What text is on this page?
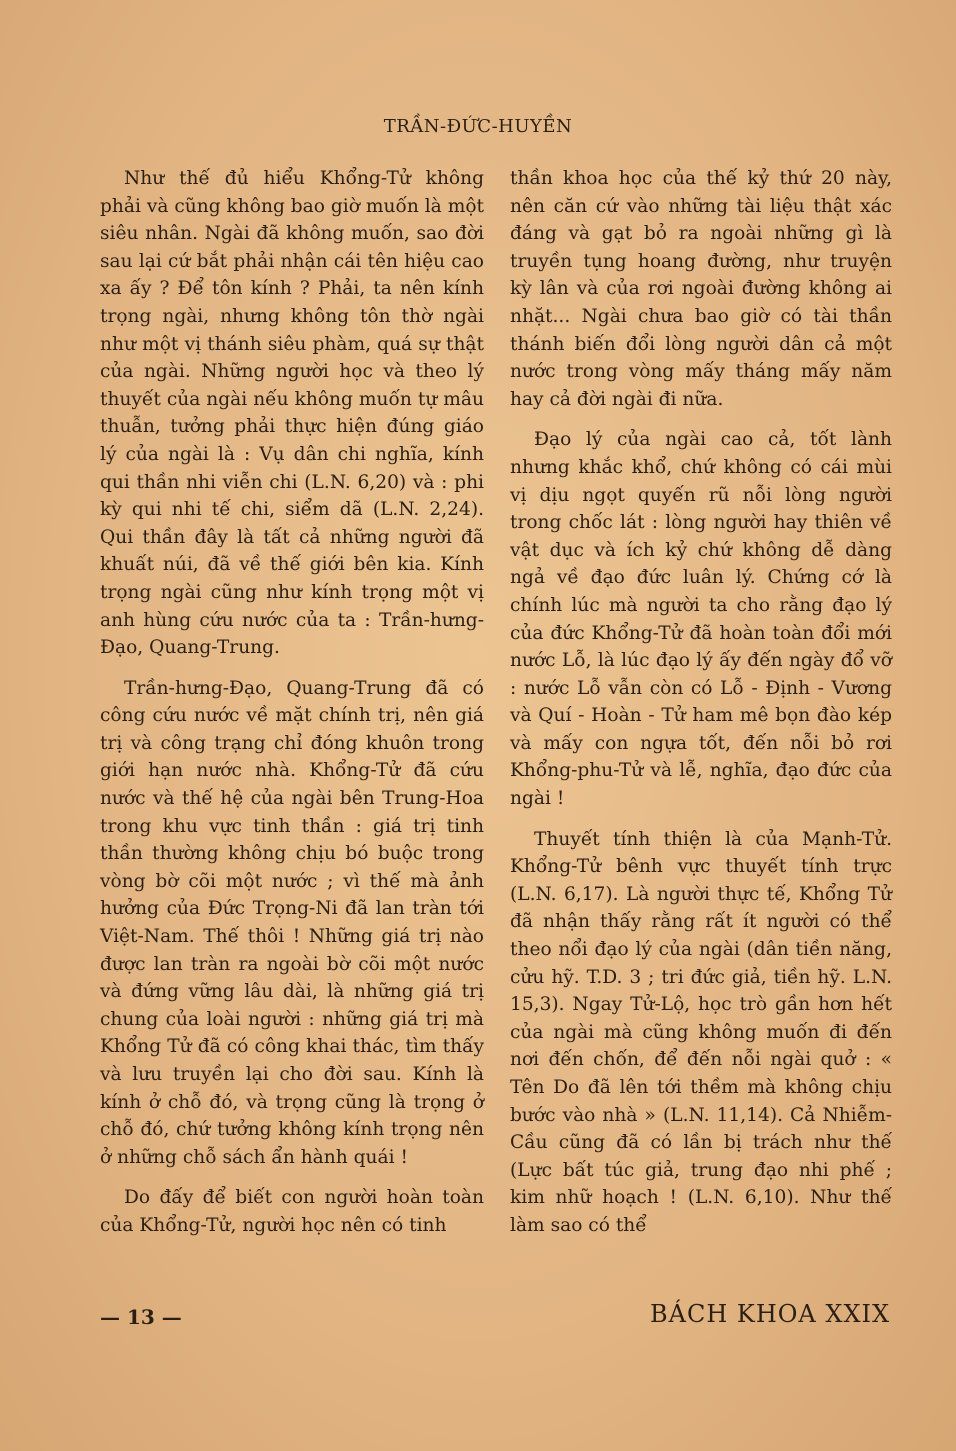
TRẦN-ĐỨC-HUYỀN

Như thế đủ hiểu Khổng-Tử không phải và cũng không bao giờ muốn là một siêu nhân. Ngài đã không muốn, sao đời sau lại cứ bắt phải nhận cái tên hiệu cao xa ấy ? Để tôn kính ? Phải, ta nên kính trọng ngài, nhưng không tôn thờ ngài như một vị thánh siêu phàm, quá sự thật của ngài. Những người học và theo lý thuyết của ngài nếu không muốn tự mâu thuẫn, tưởng phải thực hiện đúng giáo lý của ngài là : Vụ dân chi nghĩa, kính qui thần nhi viễn chi (L.N. 6,20) và : phi kỳ qui nhi tế chi, siểm dã (L.N. 2,24). Qui thần đây là tất cả những người đã khuất núi, đã về thế giới bên kia. Kính trọng ngài cũng như kính trọng một vị anh hùng cứu nước của ta : Trần-hưng-Đạo, Quang-Trung.

Trần-hưng-Đạo, Quang-Trung đã có công cứu nước về mặt chính trị, nên giá trị và công trạng chỉ đóng khuôn trong giới hạn nước nhà. Khổng-Tử đã cứu nước và thế hệ của ngài bên Trung-Hoa trong khu vực tinh thần : giá trị tinh thần thường không chịu bó buộc trong vòng bờ cõi một nước ; vì thế mà ảnh hưởng của Đức Trọng-Ni đã lan tràn tới Việt-Nam. Thế thôi ! Những giá trị nào được lan tràn ra ngoài bờ cõi một nước và đứng vững lâu dài, là những giá trị chung của loài người : những giá trị mà Khổng Tử đã có công khai thác, tìm thấy và lưu truyền lại cho đời sau. Kính là kính ở chỗ đó, và trọng cũng là trọng ở chỗ đó, chứ tưởng không kính trọng nên ở những chỗ sách ẩn hành quái !

Do đấy để biết con người hoàn toàn của Khổng-Tử, người học nên có tinh

thần khoa học của thế kỷ thứ 20 này, nên căn cứ vào những tài liệu thật xác đáng và gạt bỏ ra ngoài những gì là truyền tụng hoang đường, như truyện kỳ lân và của rơi ngoài đường không ai nhặt... Ngài chưa bao giờ có tài thần thánh biến đổi lòng người dân cả một nước trong vòng mấy tháng mấy năm hay cả đời ngài đi nữa.

Đạo lý của ngài cao cả, tốt lành nhưng khắc khổ, chứ không có cái mùi vị dịu ngọt quyến rũ nỗi lòng người trong chốc lát : lòng người hay thiên về vật dục và ích kỷ chứ không dễ dàng ngả về đạo đức luân lý. Chứng cớ là chính lúc mà người ta cho rằng đạo lý của đức Khổng-Tử đã hoàn toàn đổi mới nước Lỗ, là lúc đạo lý ấy đến ngày đổ vỡ : nước Lỗ vẫn còn có Lỗ - Định - Vương và Quí - Hoàn - Tử ham mê bọn đào kép và mấy con ngựa tốt, đến nỗi bỏ rơi Khổng-phu-Tử và lễ, nghĩa, đạo đức của ngài !

Thuyết tính thiện là của Mạnh-Tử. Khổng-Tử bênh vực thuyết tính trực (L.N. 6,17). Là người thực tế, Khổng Tử đã nhận thấy rằng rất ít người có thể theo nổi đạo lý của ngài (dân tiền năng, cửu hỹ. T.D. 3 ; tri đức giả, tiền hỹ. L.N. 15,3). Ngay Tử-Lộ, học trò gần hơn hết của ngài mà cũng không muốn đi đến nơi đến chốn, để đến nỗi ngài quở : « Tên Do đã lên tới thềm mà không chịu bước vào nhà » (L.N. 11,14). Cả Nhiễm-Cầu cũng đã có lần bị trách như thế (Lực bất túc giả, trung đạo nhi phế ; kim nhữ hoạch ! (L.N. 6,10). Như thế làm sao có thể

— 13 —	BÁCH KHOA XXIX
